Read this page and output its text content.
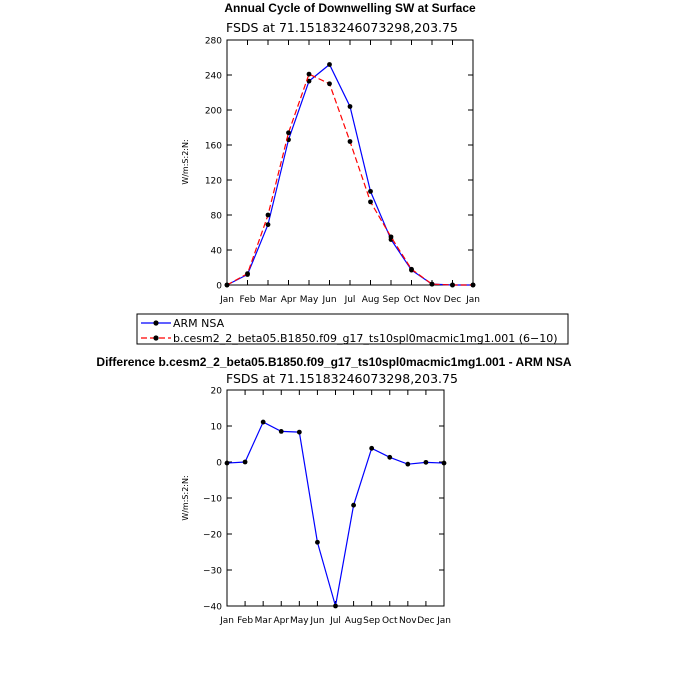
Annual Cycle of Downwelling SW at Surface
FSDS at 71.15183246073298,203.75
W/m:S:2:N:
0
40
80
120
160
200
240
280
Jan Feb Mar Apr May Jun Jul Aug Sep Oct Nov Dec Jan
ARM NSA
b.cesm2_2_beta05.B1850.f09_g17_ts10spl0macmic1mg1.001 (6−10)
Difference b.cesm2_2_beta05.B1850.f09_g17_ts10spl0macmic1mg1.001 - ARM NSA
FSDS at 71.15183246073298,203.75
W/m:S:2:N:
−40
−30
−20
−10
0
10
20
Jan Feb Mar Apr May Jun Jul Aug Sep Oct Nov Dec Jan
